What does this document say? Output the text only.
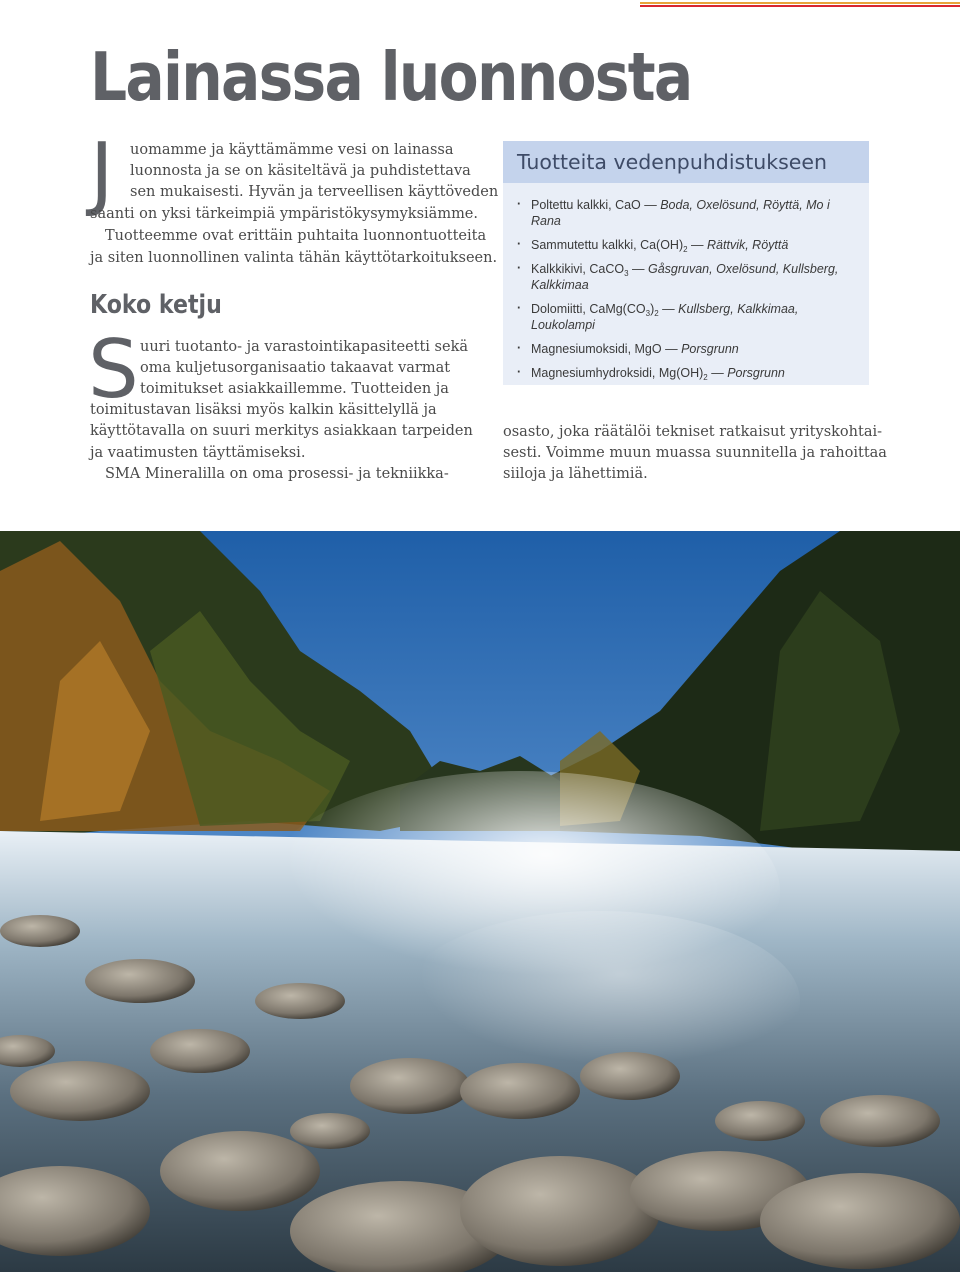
Lainassa luonnosta
J uomamme ja käyttämämme vesi on lainassa

luonnosta ja se on käsiteltävä ja puhdistettava

sen mukaisesti. Hyvän ja terveellisen käyttöveden

saanti on yksi tärkeimpiä ympäristökysymyksiämme.

Tuotteemme ovat erittäin puhtaita luonnontuotteita

ja siten luonnollinen valinta tähän käyttötarkoitukseen.

Koko ketju
S uuri tuotanto- ja varastointikapasiteetti sekä

oma kuljetusorganisaatio takaavat varmat

toimitukset asiakkaillemme. Tuotteiden ja

toimitustavan lisäksi myös kalkin käsittelyllä ja

käyttötavalla on suuri merkitys asiakkaan tarpeiden

ja vaatimusten täyttämiseksi.

SMA Mineralilla on oma prosessi- ja tekniikka-

osasto, joka räätälöi tekniset ratkaisut yrityskohtai-

sesti. Voimme muun muassa suunnitella ja rahoittaa

siiloja ja lähettimiä.

Tuotteita vedenpuhdistukseen
· Poltettu kalkki, CaO — Boda, Oxelösund, Röyttä, Mo i Rana
· Sammutettu kalkki, $Ca(OH)_2$ — Rättvik, Röyttä
· Kalkkikivi, CaCO$_3$ — Gåsgruvan, Oxelösund, Kullsberg, Kalkkimaa
· Dolomiitti, $CaMg(CO_3)_2$ — Kullsberg, Kalkkimaa, Loukolampi
· Magnesiumoksidi, MgO — Porsgrunn
· Magnesiumhydroksidi, $Mg(OH)_2$ — Porsgrunn
